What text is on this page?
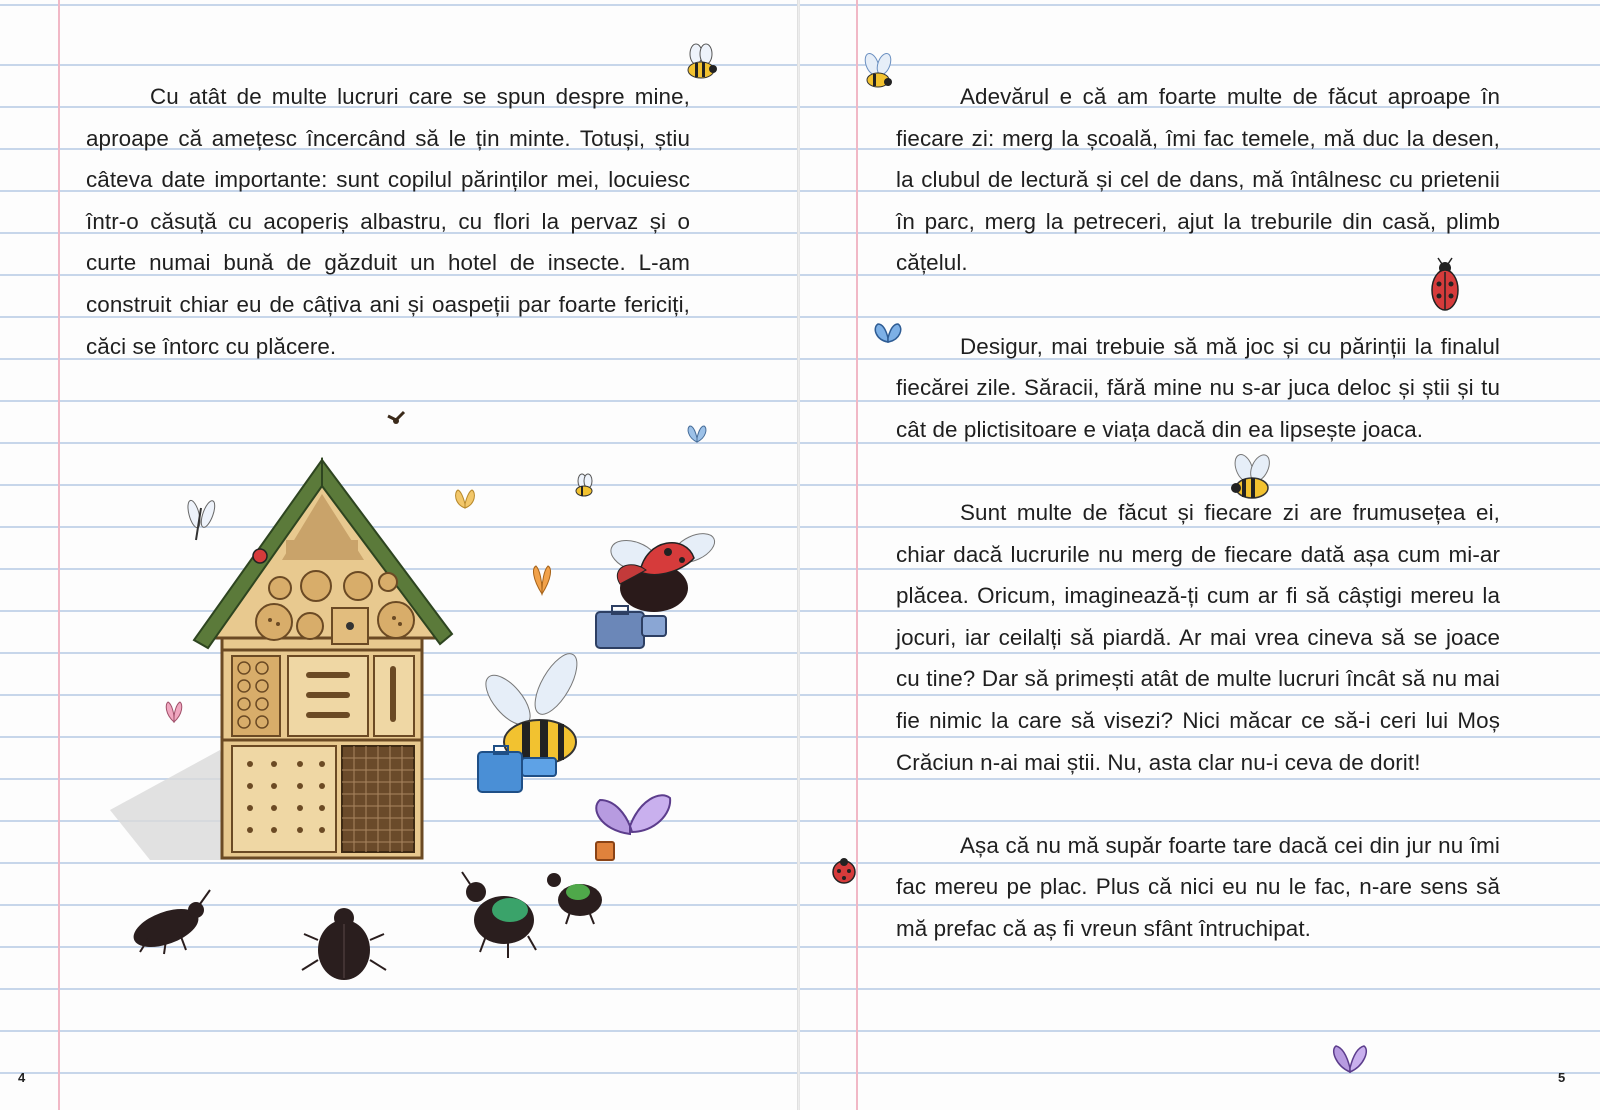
Cu atât de multe lucruri care se spun despre mine, aproape că amețesc încercând să le țin minte. Totuși, știu câteva date importante: sunt copilul părinților mei, locuiesc într-o căsuță cu acoperiș albastru, cu flori la pervaz și o curte numai bună de găzduit un hotel de insecte. L-am construit chiar eu de câțiva ani și oaspeții par foarte fericiți, căci se întorc cu plăcere.

4

Adevărul e că am foarte multe de făcut aproape în fiecare zi: merg la școală, îmi fac temele, mă duc la desen, la clubul de lectură și cel de dans, mă întâlnesc cu prietenii în parc, merg la petreceri, ajut la treburile din casă, plimb cățelul.

Desigur, mai trebuie să mă joc și cu părinții la finalul fiecărei zile. Săracii, fără mine nu s-ar juca deloc și știi și tu cât de plictisitoare e viața dacă din ea lipsește joaca.

Sunt multe de făcut și fiecare zi are frumusețea ei, chiar dacă lucrurile nu merg de fiecare dată așa cum mi-ar plăcea. Oricum, imaginează-ți cum ar fi să câștigi mereu la jocuri, iar ceilalți să piardă. Ar mai vrea cineva să se joace cu tine? Dar să primești atât de multe lucruri încât să nu mai fie nimic la care să visezi? Nici măcar ce să-i ceri lui Moș Crăciun n-ai mai știi. Nu, asta clar nu-i ceva de dorit!

Așa că nu mă supăr foarte tare dacă cei din jur nu îmi fac mereu pe plac. Plus că nici eu nu le fac, n-are sens să mă prefac că aș fi vreun sfânt întruchipat.

5
